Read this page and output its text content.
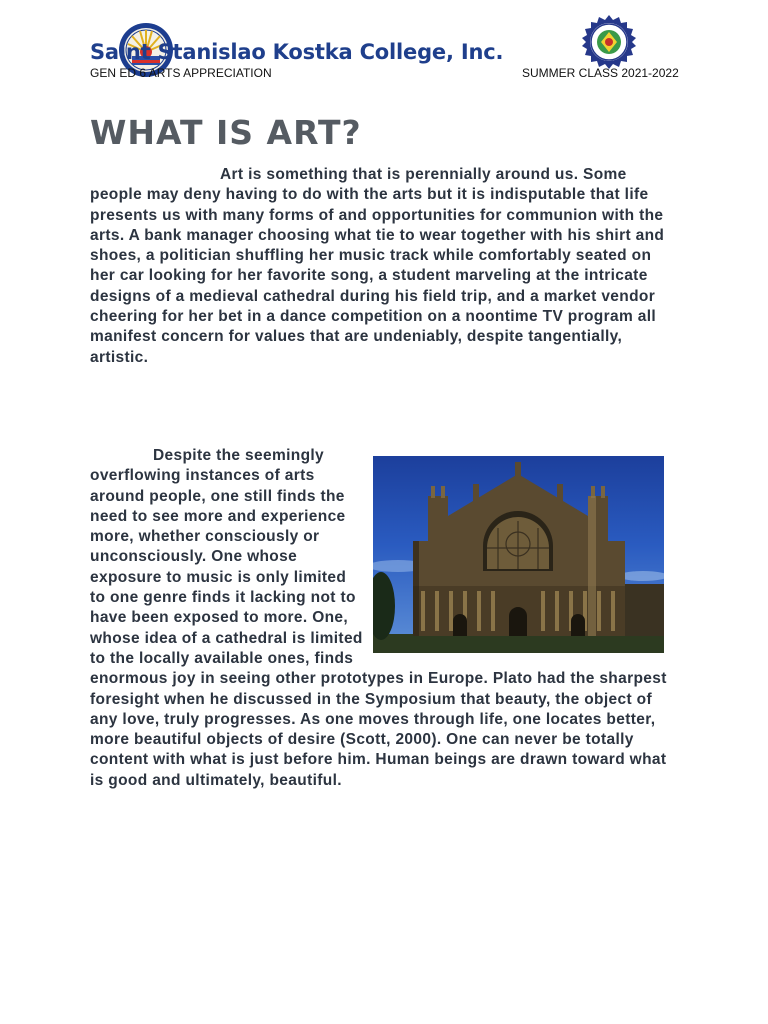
Saint Stanislao Kostka College, Inc.
GEN ED 6 ARTS APPRECIATION	SUMMER CLASS 2021-2022
WHAT IS ART?

Art is something that is perennially around us. Some people may deny having to do with the arts but it is indisputable that life presents us with many forms of and opportunities for communion with the arts. A bank manager choosing what tie to wear together with his shirt and shoes, a politician shuffling her music track while comfortably seated on her car looking for her favorite song, a student marveling at the intricate designs of a medieval cathedral during his field trip, and a market vendor cheering for her bet in a dance competition on a noontime TV program all manifest concern for values that are undeniably, despite tangentially, artistic.

Despite the seemingly overflowing instances of arts around people, one still finds the need to see more and experience more, whether consciously or unconsciously. One whose exposure to music is only limited to one genre finds it lacking not to have been exposed to more. One, whose idea of a cathedral is limited to the locally available ones, finds enormous joy in seeing other prototypes in Europe. Plato had the sharpest foresight when he discussed in the Symposium that beauty, the object of any love, truly progresses. As one moves through life, one locates better, more beautiful objects of desire (Scott, 2000). One can never be totally content with what is just before him. Human beings are drawn toward what is good and ultimately, beautiful.
